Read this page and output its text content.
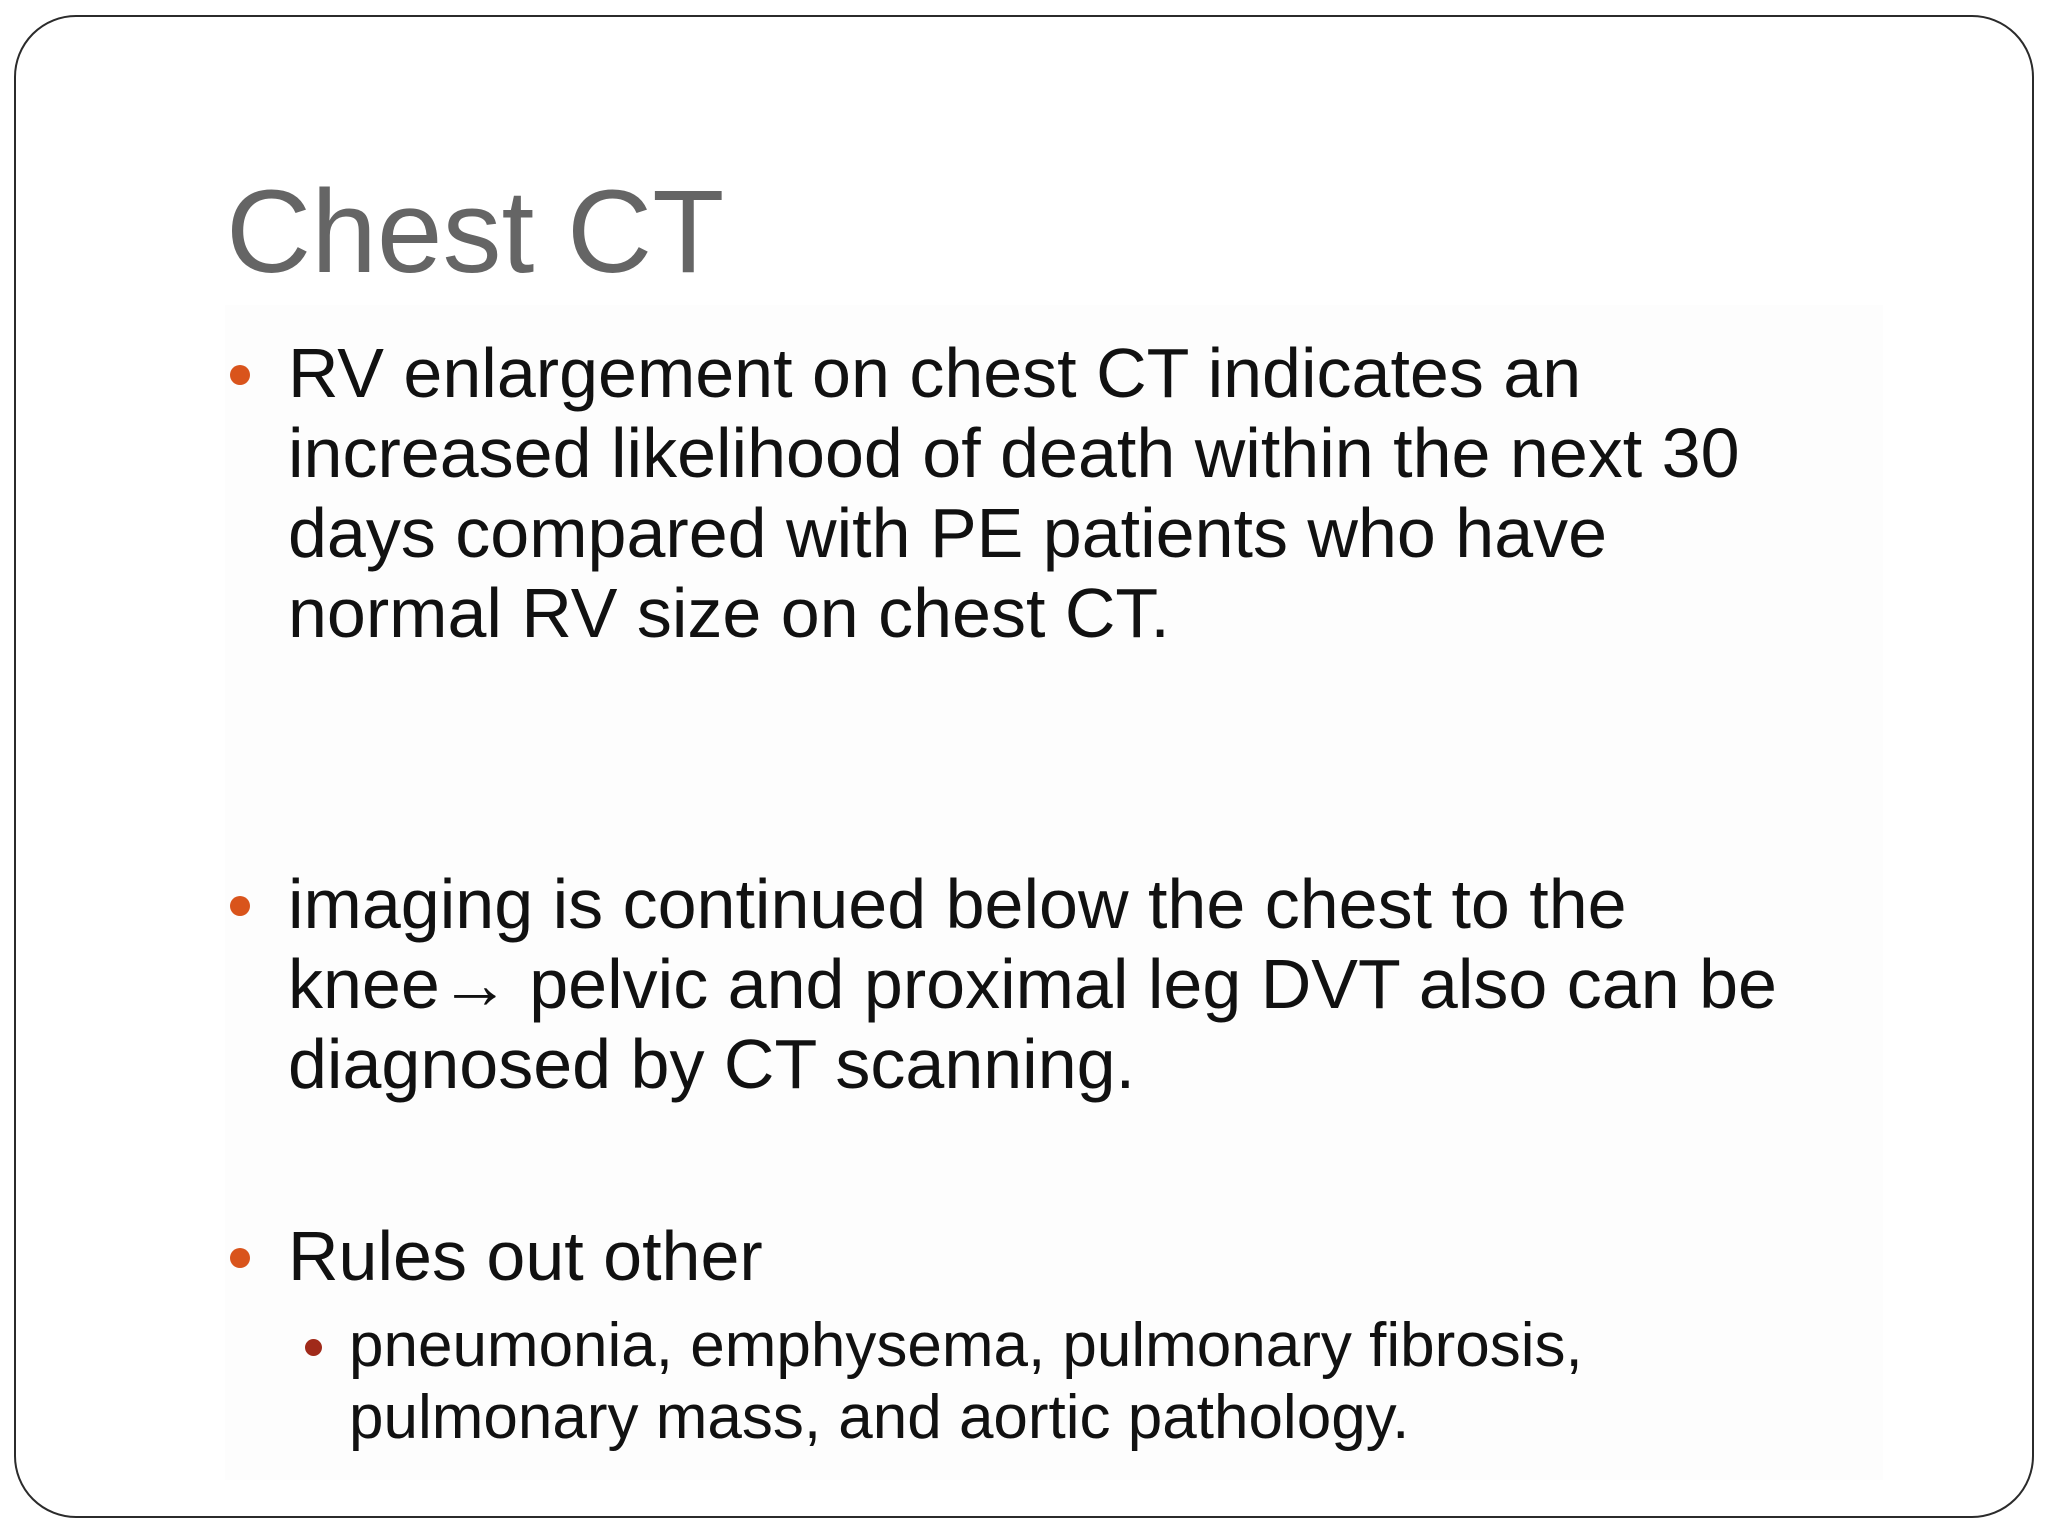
Chest CT
RV enlargement on chest CT indicates an
increased likelihood of death within the next 30
days compared with PE patients who have
normal RV size on chest CT.
imaging is continued below the chest to the
knee→ pelvic and proximal leg DVT also can be
diagnosed by CT scanning.
Rules out other
pneumonia, emphysema, pulmonary fibrosis,
pulmonary mass, and aortic pathology.
